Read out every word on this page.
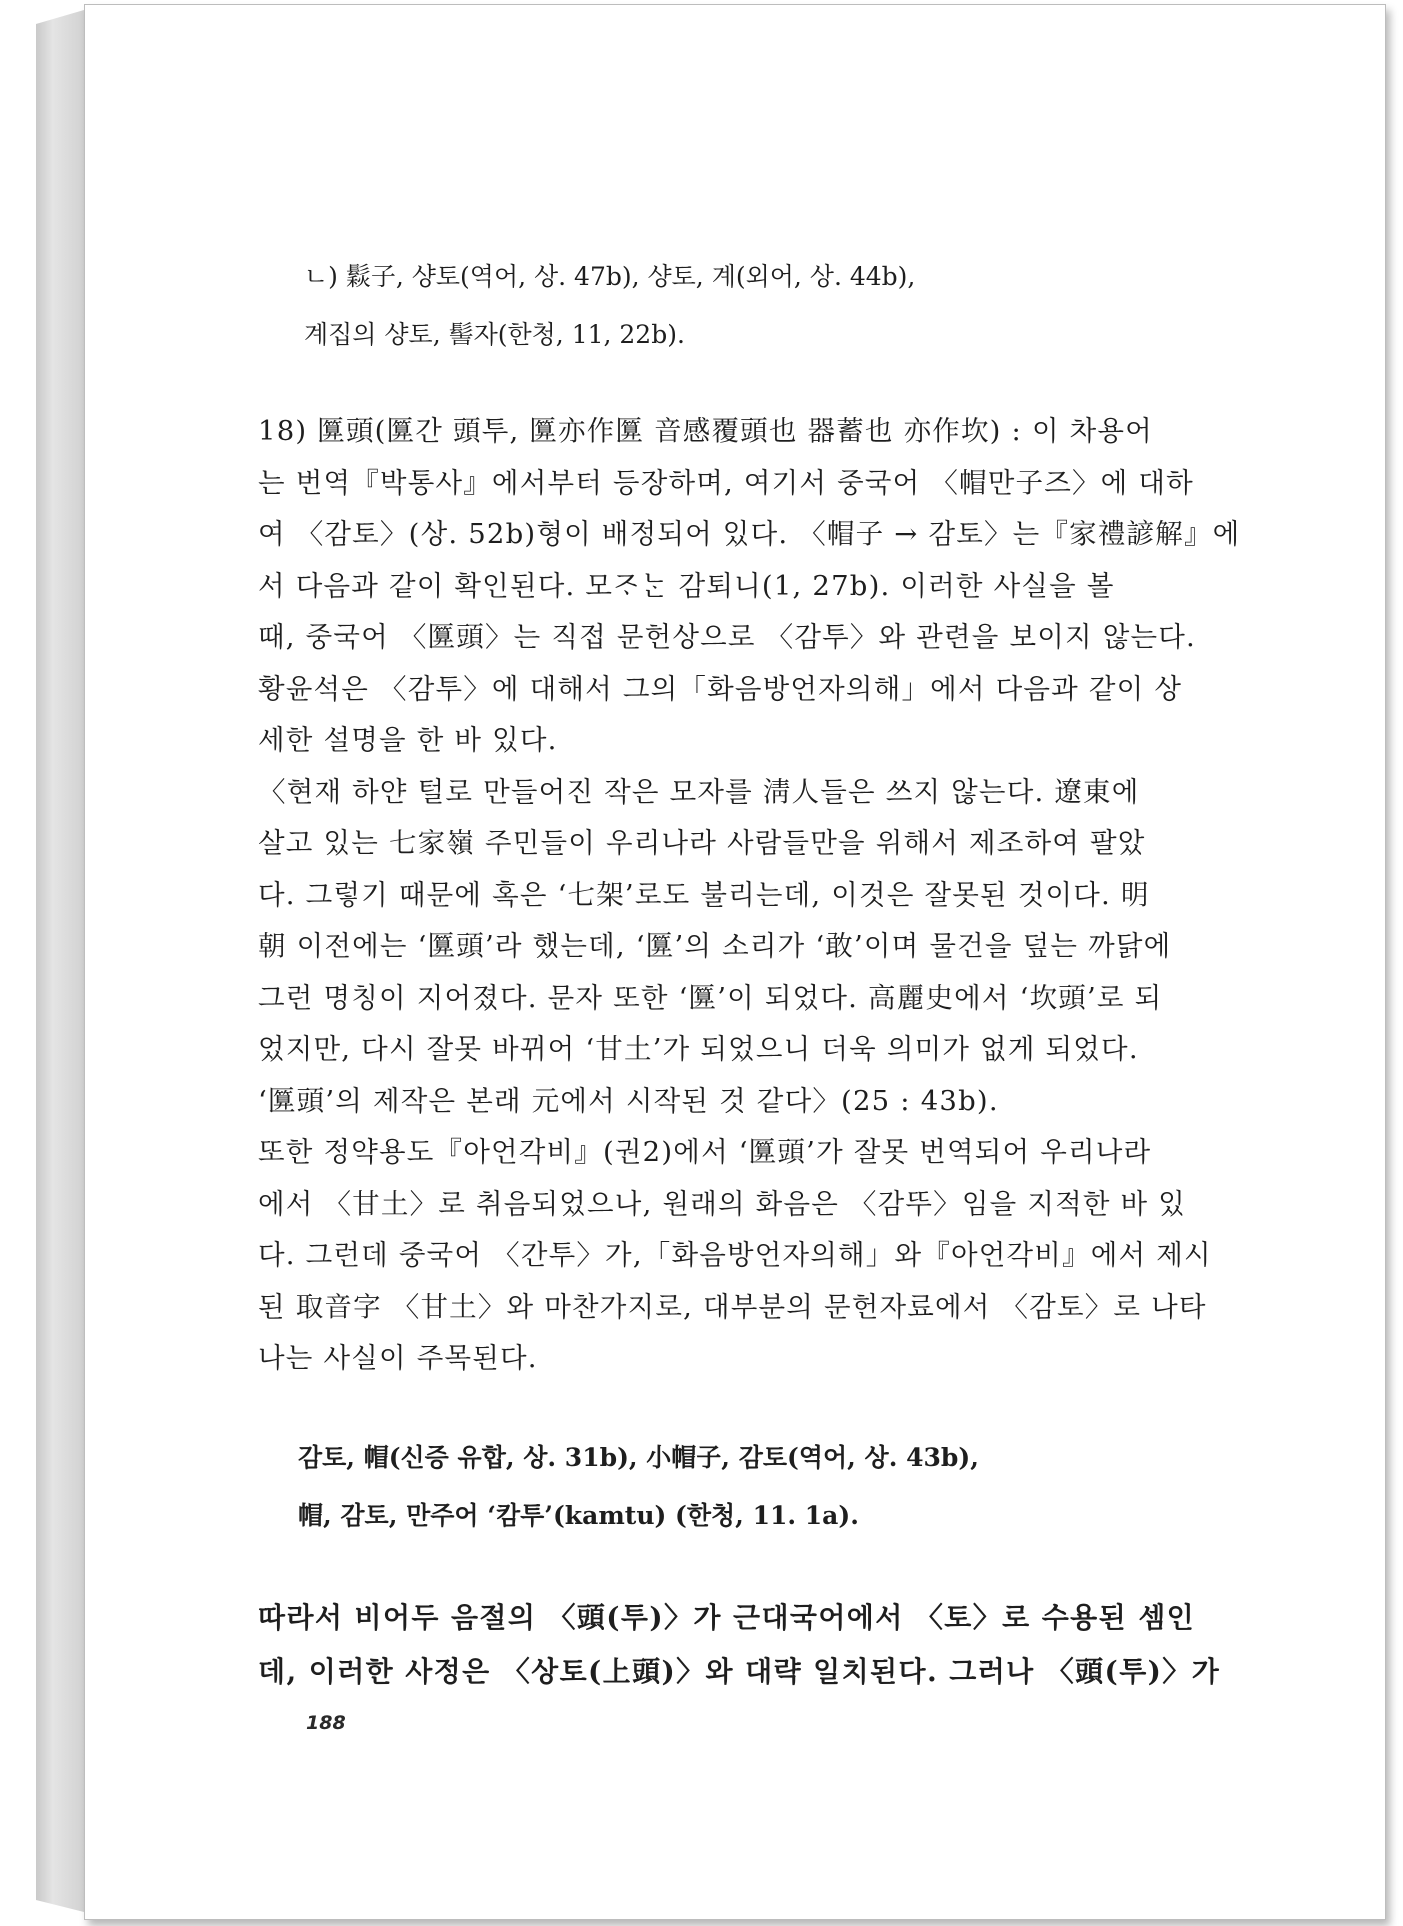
ㄴ) 鬏子, 샹토(역어, 상. 47b), 샹토, 계(외어, 상. 44b),
계집의 샹토, 髻자(한청, 11, 22b).
18) 匴頭(匴간 頭투, 匴亦作匴 音感覆頭也 器蓄也 亦作坎) : 이 차용어
는 번역『박통사』에서부터 등장하며, 여기서 중국어 〈帽만子즈〉에 대하
여 〈감토〉(상. 52b)형이 배정되어 있다. 〈帽子 → 감토〉는『家禮諺解』에
서 다음과 같이 확인된다. 모ᄌᆞᄂᆞᆫ 감퇴니(1, 27b). 이러한 사실을 볼
때, 중국어 〈匴頭〉는 직접 문헌상으로 〈감투〉와 관련을 보이지 않는다.
황윤석은 〈감투〉에 대해서 그의「화음방언자의해」에서 다음과 같이 상
세한 설명을 한 바 있다.
〈현재 하얀 털로 만들어진 작은 모자를 淸人들은 쓰지 않는다. 遼東에
살고 있는 七家嶺 주민들이 우리나라 사람들만을 위해서 제조하여 팔았
다. 그렇기 때문에 혹은 ‘七架’로도 불리는데, 이것은 잘못된 것이다. 明
朝 이전에는 ‘匴頭’라 했는데, ‘匴’의 소리가 ‘敢’이며 물건을 덮는 까닭에
그런 명칭이 지어졌다. 문자 또한 ‘匴’이 되었다. 高麗史에서 ‘坎頭’로 되
었지만, 다시 잘못 바뀌어 ‘甘土’가 되었으니 더욱 의미가 없게 되었다.
‘匴頭’의 제작은 본래 元에서 시작된 것 같다〉(25 : 43b).
또한 정약용도『아언각비』(권2)에서 ‘匴頭’가 잘못 번역되어 우리나라
에서 〈甘土〉로 취음되었으나, 원래의 화음은 〈감뚜〉임을 지적한 바 있
다. 그런데 중국어 〈간투〉가,「화음방언자의해」와『아언각비』에서 제시
된 取音字 〈甘土〉와 마찬가지로, 대부분의 문헌자료에서 〈감토〉로 나타
나는 사실이 주목된다.
감토, 帽(신증 유합, 상. 31b), 小帽子, 감토(역어, 상. 43b),
帽, 감토, 만주어 ‘캄투’(kamtu) (한청, 11. 1a).
따라서 비어두 음절의 〈頭(투)〉가 근대국어에서 〈토〉로 수용된 셈인
데, 이러한 사정은 〈상토(上頭)〉와 대략 일치된다. 그러나 〈頭(투)〉가
188
